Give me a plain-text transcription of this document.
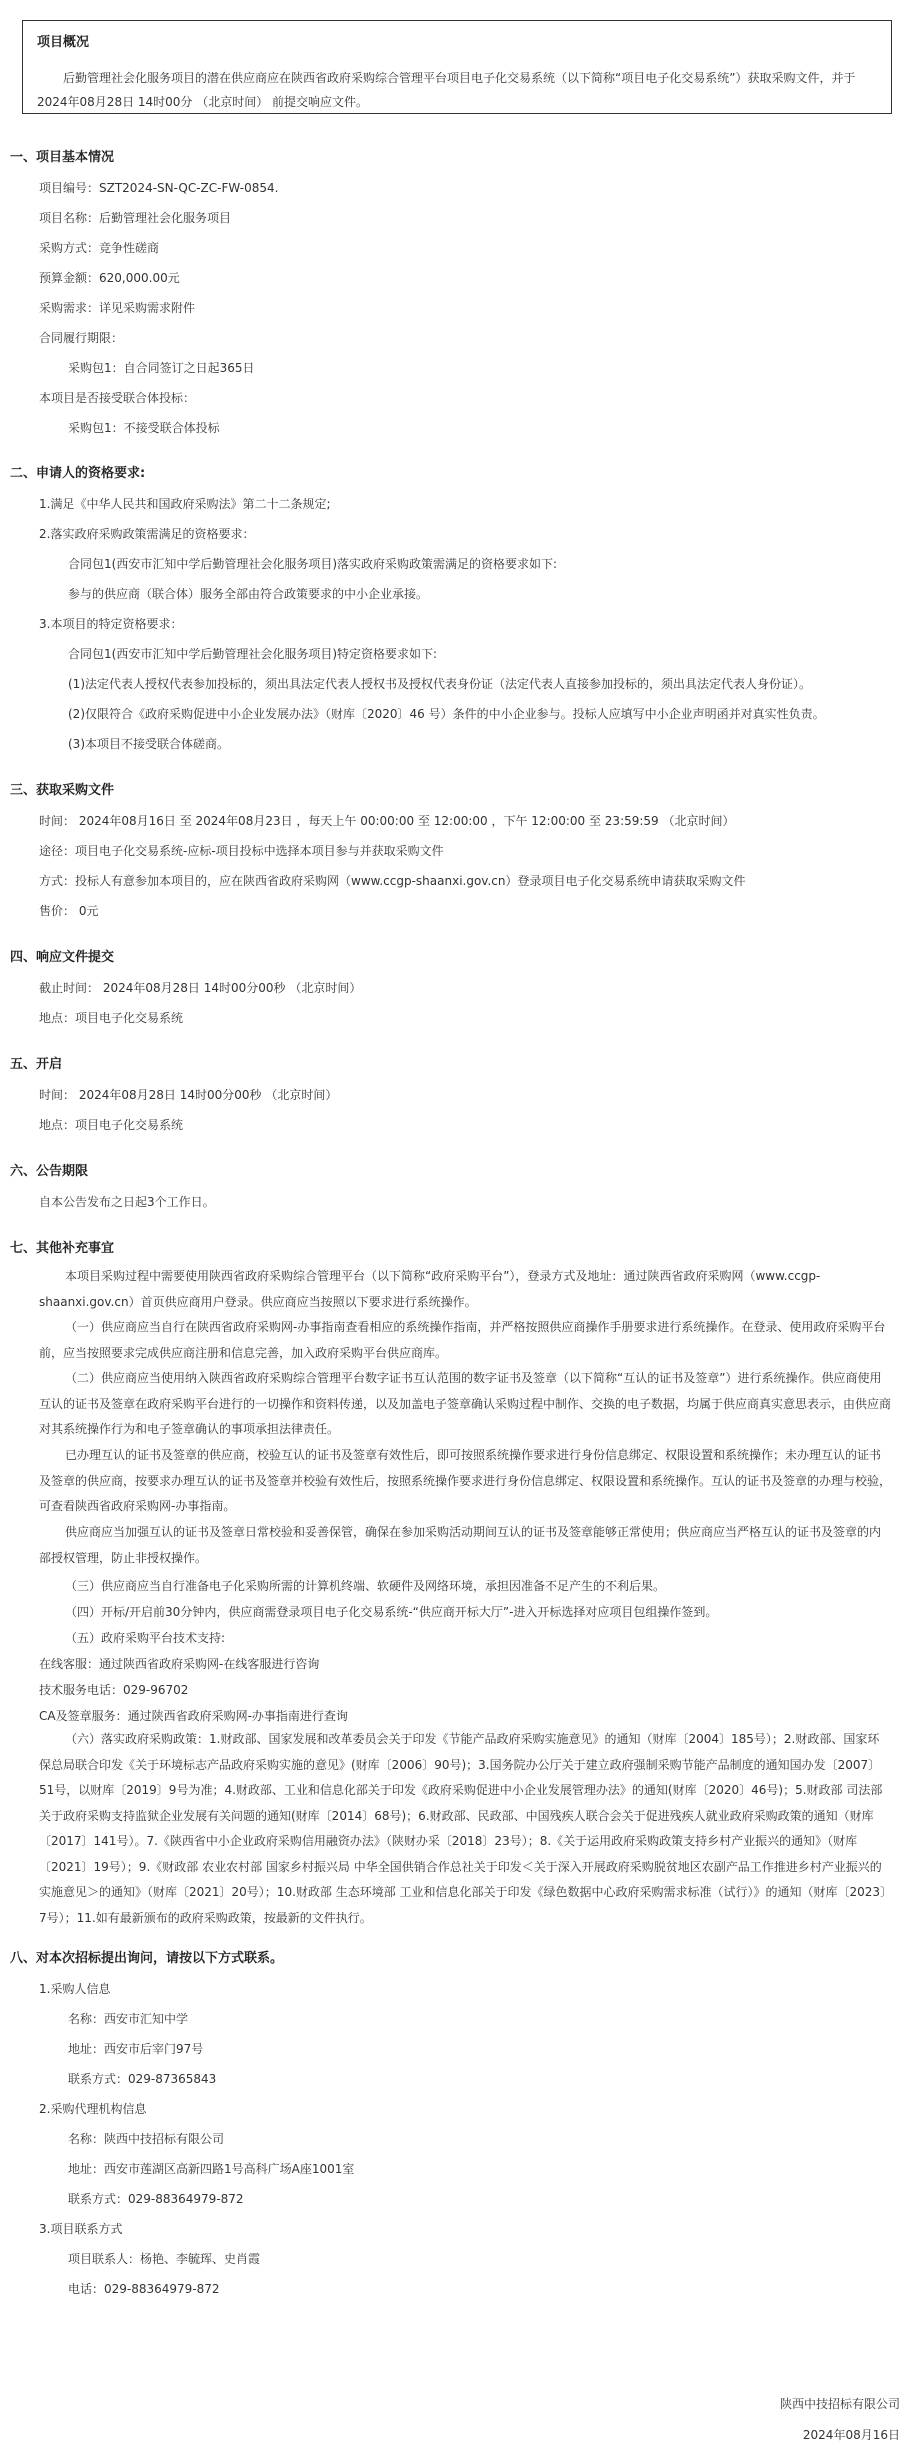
项目概况
后勤管理社会化服务项目的潜在供应商应在陕西省政府采购综合管理平台项目电子化交易系统（以下简称“项目电子化交易系统”）获取采购文件，并于 2024年08月28日 14时00分 （北京时间） 前提交响应文件。
一、项目基本情况
项目编号：SZT2024-SN-QC-ZC-FW-0854.
项目名称：后勤管理社会化服务项目
采购方式：竞争性磋商
预算金额：620,000.00元
采购需求：详见采购需求附件
合同履行期限：
采购包1：自合同签订之日起365日
本项目是否接受联合体投标：
采购包1：不接受联合体投标
二、申请人的资格要求:
1.满足《中华人民共和国政府采购法》第二十二条规定;
2.落实政府采购政策需满足的资格要求：
合同包1(西安市汇知中学后勤管理社会化服务项目)落实政府采购政策需满足的资格要求如下:
参与的供应商（联合体）服务全部由符合政策要求的中小企业承接。
3.本项目的特定资格要求：
合同包1(西安市汇知中学后勤管理社会化服务项目)特定资格要求如下:
(1)法定代表人授权代表参加投标的，须出具法定代表人授权书及授权代表身份证（法定代表人直接参加投标的，须出具法定代表人身份证）。
(2)仅限符合《政府采购促进中小企业发展办法》（财库〔2020〕46 号）条件的中小企业参与。投标人应填写中小企业声明函并对真实性负责。
(3)本项目不接受联合体磋商。
三、获取采购文件
时间： 2024年08月16日 至 2024年08月23日 ，每天上午 00:00:00 至 12:00:00 ，下午 12:00:00 至 23:59:59 （北京时间）
途径：项目电子化交易系统-应标-项目投标中选择本项目参与并获取采购文件
方式：投标人有意参加本项目的，应在陕西省政府采购网（www.ccgp-shaanxi.gov.cn）登录项目电子化交易系统申请获取采购文件
售价： 0元
四、响应文件提交
截止时间： 2024年08月28日 14时00分00秒 （北京时间）
地点：项目电子化交易系统
五、开启
时间： 2024年08月28日 14时00分00秒 （北京时间）
地点：项目电子化交易系统
六、公告期限
自本公告发布之日起3个工作日。
七、其他补充事宜
本项目采购过程中需要使用陕西省政府采购综合管理平台（以下简称“政府采购平台”），登录方式及地址：通过陕西省政府采购网（www.ccgp-shaanxi.gov.cn）首页供应商用户登录。供应商应当按照以下要求进行系统操作。
（一）供应商应当自行在陕西省政府采购网-办事指南查看相应的系统操作指南，并严格按照供应商操作手册要求进行系统操作。在登录、使用政府采购平台前，应当按照要求完成供应商注册和信息完善，加入政府采购平台供应商库。
（二）供应商应当使用纳入陕西省政府采购综合管理平台数字证书互认范围的数字证书及签章（以下简称“互认的证书及签章”）进行系统操作。供应商使用互认的证书及签章在政府采购平台进行的一切操作和资料传递，以及加盖电子签章确认采购过程中制作、交换的电子数据，均属于供应商真实意思表示，由供应商对其系统操作行为和电子签章确认的事项承担法律责任。
已办理互认的证书及签章的供应商，校验互认的证书及签章有效性后，即可按照系统操作要求进行身份信息绑定、权限设置和系统操作；未办理互认的证书及签章的供应商，按要求办理互认的证书及签章并校验有效性后，按照系统操作要求进行身份信息绑定、权限设置和系统操作。互认的证书及签章的办理与校验，可查看陕西省政府采购网-办事指南。
供应商应当加强互认的证书及签章日常校验和妥善保管，确保在参加采购活动期间互认的证书及签章能够正常使用；供应商应当严格互认的证书及签章的内部授权管理，防止非授权操作。
（三）供应商应当自行准备电子化采购所需的计算机终端、软硬件及网络环境，承担因准备不足产生的不利后果。
（四）开标/开启前30分钟内，供应商需登录项目电子化交易系统-“供应商开标大厅”-进入开标选择对应项目包组操作签到。
（五）政府采购平台技术支持:
在线客服：通过陕西省政府采购网-在线客服进行咨询
技术服务电话：029-96702
CA及签章服务：通过陕西省政府采购网-办事指南进行查询
（六）落实政府采购政策：1.财政部、国家发展和改革委员会关于印发《节能产品政府采购实施意见》的通知（财库〔2004〕185号）；2.财政部、国家环保总局联合印发《关于环境标志产品政府采购实施的意见》(财库〔2006〕90号)；3.国务院办公厅关于建立政府强制采购节能产品制度的通知国办发〔2007〕51号，以财库〔2019〕9号为准；4.财政部、工业和信息化部关于印发《政府采购促进中小企业发展管理办法》的通知(财库〔2020〕46号)；5.财政部 司法部关于政府采购支持监狱企业发展有关问题的通知(财库〔2014〕68号)；6.财政部、民政部、中国残疾人联合会关于促进残疾人就业政府采购政策的通知（财库〔2017〕141号）。7.《陕西省中小企业政府采购信用融资办法》（陕财办采〔2018〕23号）；8.《关于运用政府采购政策支持乡村产业振兴的通知》（财库〔2021〕19号）；9.《财政部 农业农村部 国家乡村振兴局 中华全国供销合作总社关于印发＜关于深入开展政府采购脱贫地区农副产品工作推进乡村产业振兴的实施意见＞的通知》（财库〔2021〕20号）；10.财政部 生态环境部 工业和信息化部关于印发《绿色数据中心政府采购需求标准（试行）》的通知（财库〔2023〕7号）；11.如有最新颁布的政府采购政策，按最新的文件执行。
八、对本次招标提出询问，请按以下方式联系。
1.采购人信息
名称：西安市汇知中学
地址：西安市后宰门97号
联系方式：029-87365843
2.采购代理机构信息
名称：陕西中技招标有限公司
地址：西安市莲湖区高新四路1号高科广场A座1001室
联系方式：029-88364979-872
3.项目联系方式
项目联系人：杨艳、李毓珲、史肖霞
电话：029-88364979-872
陕西中技招标有限公司
2024年08月16日
